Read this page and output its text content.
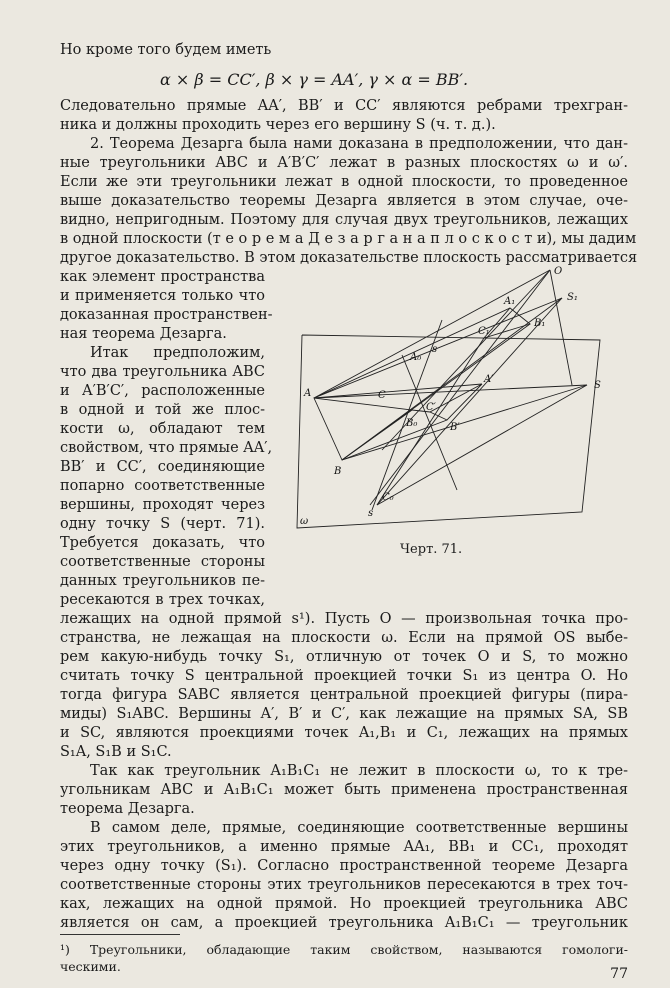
Но кроме того будем иметь
α × β = CC′, β × γ = AA′, γ × α = BB′.
Следовательно прямые AA′, BB′ и CC′ являются ребрами трехгран-
ника и должны проходить через его вершину S (ч. т. д.).
2. Теорема Дезарга была нами доказана в предположении, что дан-
ные треугольники ABC и A′B′C′ лежат в разных плоскостях ω и ω′.
Если же эти треугольники лежат в одной плоскости, то проведенное
выше доказательство теоремы Дезарга является в этом случае, оче-
видно, непригодным. Поэтому для случая двух треугольников, лежащих
в одной плоскости (т е о р е м а Д е з а р г а н а п л о с к о с т и), мы дадим
другое доказательство. В этом доказательстве плоскость рассматривается
как элемент пространства
и применяется только что
доказанная пространствен-
ная теорема Дезарга.
Итак предположим,
что два треугольника ABC
и A′B′C′, расположенные
в одной и той же плос-
кости ω, обладают тем
свойством, что прямые AA′,
BB′ и CC′, соединяющие
попарно соответственные
вершины, проходят через
одну точку S (черт. 71).
Требуется доказать, что
соответственные стороны
данных треугольников пе-
ресекаются в трех точках,
лежащих на одной прямой s¹). Пусть O — произвольная точка про-
странства, не лежащая на плоскости ω. Если на прямой OS выбе-
рем какую-нибудь точку S₁, отличную от точек O и S, то можно
считать точку S центральной проекцией точки S₁ из центра O. Но
тогда фигура SABC является центральной проекцией фигуры (пира-
миды) S₁ABC. Вершины A′, B′ и C′, как лежащие на прямых SA, SB
и SC, являются проекциями точек A₁,B₁ и C₁, лежащих на прямых
S₁A, S₁B и S₁C.
Так как треугольник A₁B₁C₁ не лежит в плоскости ω, то к тре-
угольникам ABC и A₁B₁C₁ может быть применена пространственная
теорема Дезарга.
В самом деле, прямые, соединяющие соответственные вершины
этих треугольников, а именно прямые AA₁, BB₁ и CC₁, проходят
через одну точку (S₁). Согласно пространственной теореме Дезарга
соответственные стороны этих треугольников пересекаются в трех точ-
ках, лежащих на одной прямой. Но проекцией треугольника ABC
является он сам, а проекцией треугольника A₁B₁C₁ — треугольник
¹) Треугольники, обладающие таким свойством, называются гомологи-
ческими.	77
O
A₁	S₁
B₁
C₁
A₀
s
A
A′
C
C′
S
B₀	B′
B
C₀
s
ω
Черт. 71.
